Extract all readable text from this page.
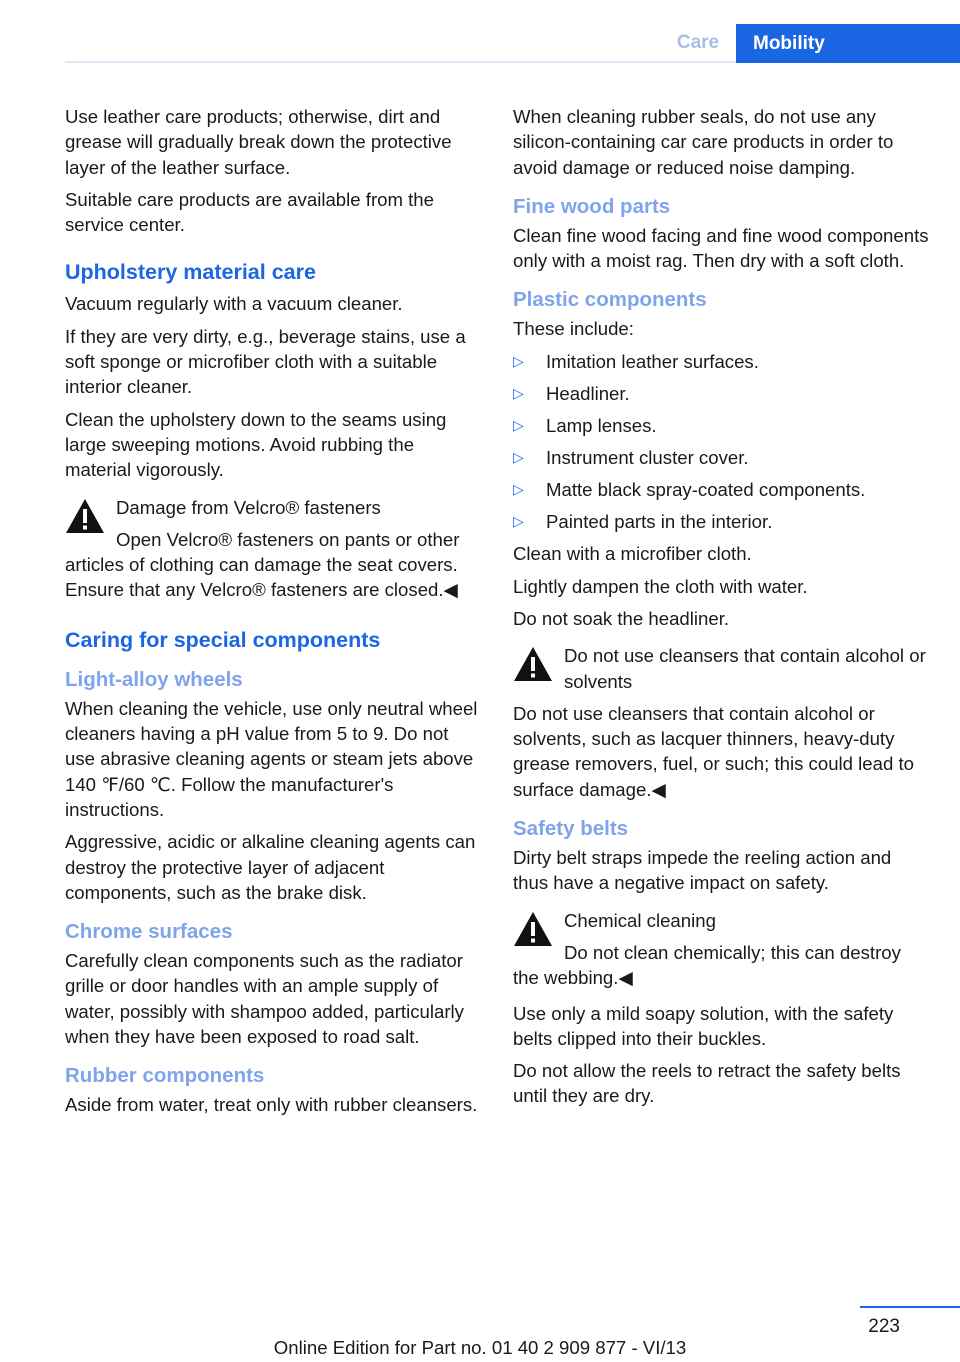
Care	Mobility

Use leather care products; otherwise, dirt and grease will gradually break down the protective layer of the leather surface.

Suitable care products are available from the service center.

Upholstery material care

Vacuum regularly with a vacuum cleaner.

If they are very dirty, e.g., beverage stains, use a soft sponge or microfiber cloth with a suitable interior cleaner.

Clean the upholstery down to the seams using large sweeping motions. Avoid rubbing the material vigorously.

Damage from Velcro® fasteners

Open Velcro® fasteners on pants or other articles of clothing can damage the seat covers. Ensure that any Velcro® fasteners are closed.◀

Caring for special components
Light-alloy wheels

When cleaning the vehicle, use only neutral wheel cleaners having a pH value from 5 to 9. Do not use abrasive cleaning agents or steam jets above 140 ℉/60 ℃. Follow the manufacturer's instructions.

Aggressive, acidic or alkaline cleaning agents can destroy the protective layer of adjacent components, such as the brake disk.

Chrome surfaces

Carefully clean components such as the radiator grille or door handles with an ample supply of water, possibly with shampoo added, particularly when they have been exposed to road salt.

Rubber components

Aside from water, treat only with rubber cleansers.

When cleaning rubber seals, do not use any silicon-containing car care products in order to avoid damage or reduced noise damping.

Fine wood parts

Clean fine wood facing and fine wood components only with a moist rag. Then dry with a soft cloth.

Plastic components

These include:

▷ Imitation leather surfaces.
▷ Headliner.
▷ Lamp lenses.
▷ Instrument cluster cover.
▷ Matte black spray-coated components.
▷ Painted parts in the interior.

Clean with a microfiber cloth.

Lightly dampen the cloth with water.

Do not soak the headliner.

Do not use cleansers that contain alcohol or solvents

Do not use cleansers that contain alcohol or solvents, such as lacquer thinners, heavy-duty grease removers, fuel, or such; this could lead to surface damage.◀

Safety belts

Dirty belt straps impede the reeling action and thus have a negative impact on safety.

Chemical cleaning

Do not clean chemically; this can destroy the webbing.◀

Use only a mild soapy solution, with the safety belts clipped into their buckles.

Do not allow the reels to retract the safety belts until they are dry.

223
Online Edition for Part no. 01 40 2 909 877 - VI/13
